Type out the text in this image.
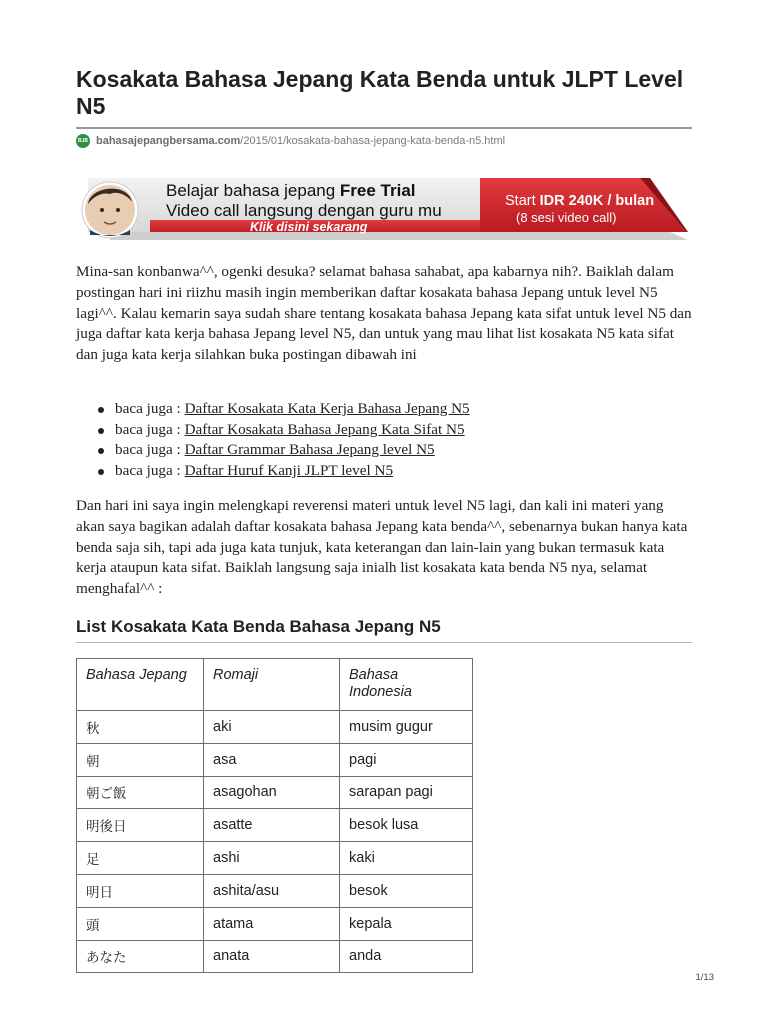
Kosakata Bahasa Jepang Kata Benda untuk JLPT Level N5
BJB bahasajepangbersama.com /2015/01/kosakata-bahasa-jepang-kata-benda-n5.html
Belajar bahasa jepang Free Trial
Video call langsung dengan guru mu
Klik disini sekarang
Start IDR 240K / bulan
(8 sesi video call)

Mina-san konbanwa^^, ogenki desuka? selamat bahasa sahabat, apa kabarnya nih?. Baiklah dalam postingan hari ini riizhu masih ingin memberikan daftar kosakata bahasa Jepang untuk level N5 lagi^^. Kalau kemarin saya sudah share tentang kosakata bahasa Jepang kata sifat untuk level N5 dan juga daftar kata kerja bahasa Jepang level N5, dan untuk yang mau lihat list kosakata N5 kata sifat dan juga kata kerja silahkan buka postingan dibawah ini

baca juga : Daftar Kosakata Kata Kerja Bahasa Jepang N5
baca juga : Daftar Kosakata Bahasa Jepang Kata Sifat N5
baca juga : Daftar Grammar Bahasa Jepang level N5
baca juga : Daftar Huruf Kanji JLPT level N5

Dan hari ini saya ingin melengkapi reverensi materi untuk level N5 lagi, dan kali ini materi yang akan saya bagikan adalah daftar kosakata bahasa Jepang kata benda^^, sebenarnya bukan hanya kata benda saja sih, tapi ada juga kata tunjuk, kata keterangan dan lain-lain yang bukan termasuk kata kerja ataupun kata sifat. Baiklah langsung saja inialh list kosakata kata benda N5 nya, selamat menghafal^^ :

List Kosakata Kata Benda Bahasa Jepang N5
Bahasa Jepang	Romaji	Bahasa Indonesia
秋	aki	musim gugur
朝	asa	pagi
朝ご飯	asagohan	sarapan pagi
明後日	asatte	besok lusa
足	ashi	kaki
明日	ashita/asu	besok
頭	atama	kepala
あなた	anata	anda
1/13
